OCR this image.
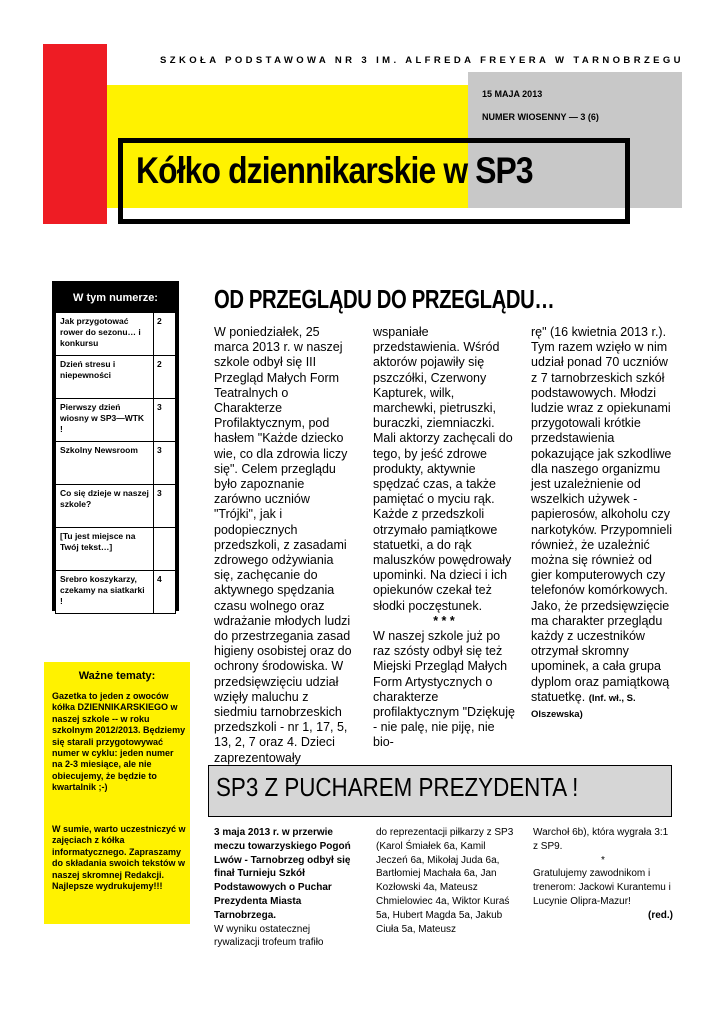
SZKOŁA PODSTAWOWA NR 3 IM. ALFREDA FREYERA W TARNOBRZEGU
15 MAJA 2013
NUMER WIOSENNY — 3 (6)
Kółko dziennikarskie w SP3
W tym numerze:
Jak przygotować rower do sezonu… i konkursu	2
Dzień stresu i niepewności	2
Pierwszy dzień wiosny w SP3—WTK !	3
Szkolny Newsroom	3
Co się dzieje w naszej szkole?	3
[Tu jest miejsce na Twój tekst…]	
Srebro koszykarzy, czekamy na siatkarki !	4
Ważne tematy:
Gazetka to jeden z owoców kółka DZIENNIKARSKIEGO w naszej szkole -- w roku szkolnym 2012/2013. Będziemy się starali przygotowywać numer w cyklu: jeden numer na 2-3 miesiące, ale nie obiecujemy, że będzie to kwartalnik ;-)
W sumie, warto uczestniczyć w zajęciach z kółka informatycznego. Zapraszamy do składania swoich tekstów w naszej skromnej Redakcji. Najlepsze wydrukujemy!!!
OD PRZEGLĄDU DO PRZEGLĄDU…
W poniedziałek, 25 marca 2013 r. w naszej szkole odbył się III Przegląd Małych Form Teatralnych o Charakterze Profilaktycznym, pod hasłem "Każde dziecko wie, co dla zdrowia liczy się". Celem przeglądu było zapoznanie zarówno uczniów "Trójki", jak i podopiecznych przedszkoli, z zasadami zdrowego odżywiania się, zachęcanie do aktywnego spędzania czasu wolnego oraz wdrażanie młodych ludzi do przestrzegania zasad higieny osobistej oraz do ochrony środowiska. W przedsięwzięciu udział wzięły maluchu z siedmiu tarnobrzeskich przedszkoli - nr 1, 17, 5, 13, 2, 7 oraz 4. Dzieci zaprezentowały
wspaniałe przedstawienia. Wśród aktorów pojawiły się pszczółki, Czerwony Kapturek, wilk, marchewki, pietruszki, buraczki, ziemniaczki. Mali aktorzy zachęcali do tego, by jeść zdrowe produkty, aktywnie spędzać czas, a także pamiętać o myciu rąk. Każde z przedszkoli otrzymało pamiątkowe statuetki, a do rąk maluszków powędrowały upominki. Na dzieci i ich opiekunów czekał też słodki poczęstunek.
* * *
W naszej szkole już po raz szósty odbył się też Miejski Przegląd Małych Form Artystycznych o charakterze profilaktycznym "Dziękuję - nie palę, nie piję, nie bio-
rę" (16 kwietnia 2013 r.). Tym razem wzięło w nim udział ponad 70 uczniów z 7 tarnobrzeskich szkół podstawowych. Młodzi ludzie wraz z opiekunami przygotowali krótkie przedstawienia pokazujące jak szkodliwe dla naszego organizmu jest uzależnienie od wszelkich używek - papierosów, alkoholu czy narkotyków. Przypomnieli również, że uzależnić można się również od gier komputerowych czy telefonów komórkowych. Jako, że przedsięwzięcie ma charakter przeglądu każdy z uczestników otrzymał skromny upominek, a cała grupa dyplom oraz pamiątkową statuetkę. (Inf. wł., S. Olszewska)
SP3 Z PUCHAREM PREZYDENTA !
3 maja 2013 r. w przerwie meczu towarzyskiego Pogoń Lwów - Tarnobrzeg odbył się finał Turnieju Szkół Podstawowych o Puchar Prezydenta Miasta Tarnobrzega.
W wyniku ostatecznej rywalizacji trofeum trafiło
do reprezentacji piłkarzy z SP3 (Karol Śmiałek 6a, Kamil Jeczeń 6a, Mikołaj Juda 6a, Bartłomiej Machała 6a, Jan Kozłowski 4a, Mateusz Chmielowiec 4a, Wiktor Kuraś 5a, Hubert Magda 5a, Jakub Ciuła 5a, Mateusz
Warchoł 6b), która wygrała 3:1 z SP9.
*
Gratulujemy zawodnikom i trenerom: Jackowi Kurantemu i Lucynie Olipra-Mazur!
(red.)
